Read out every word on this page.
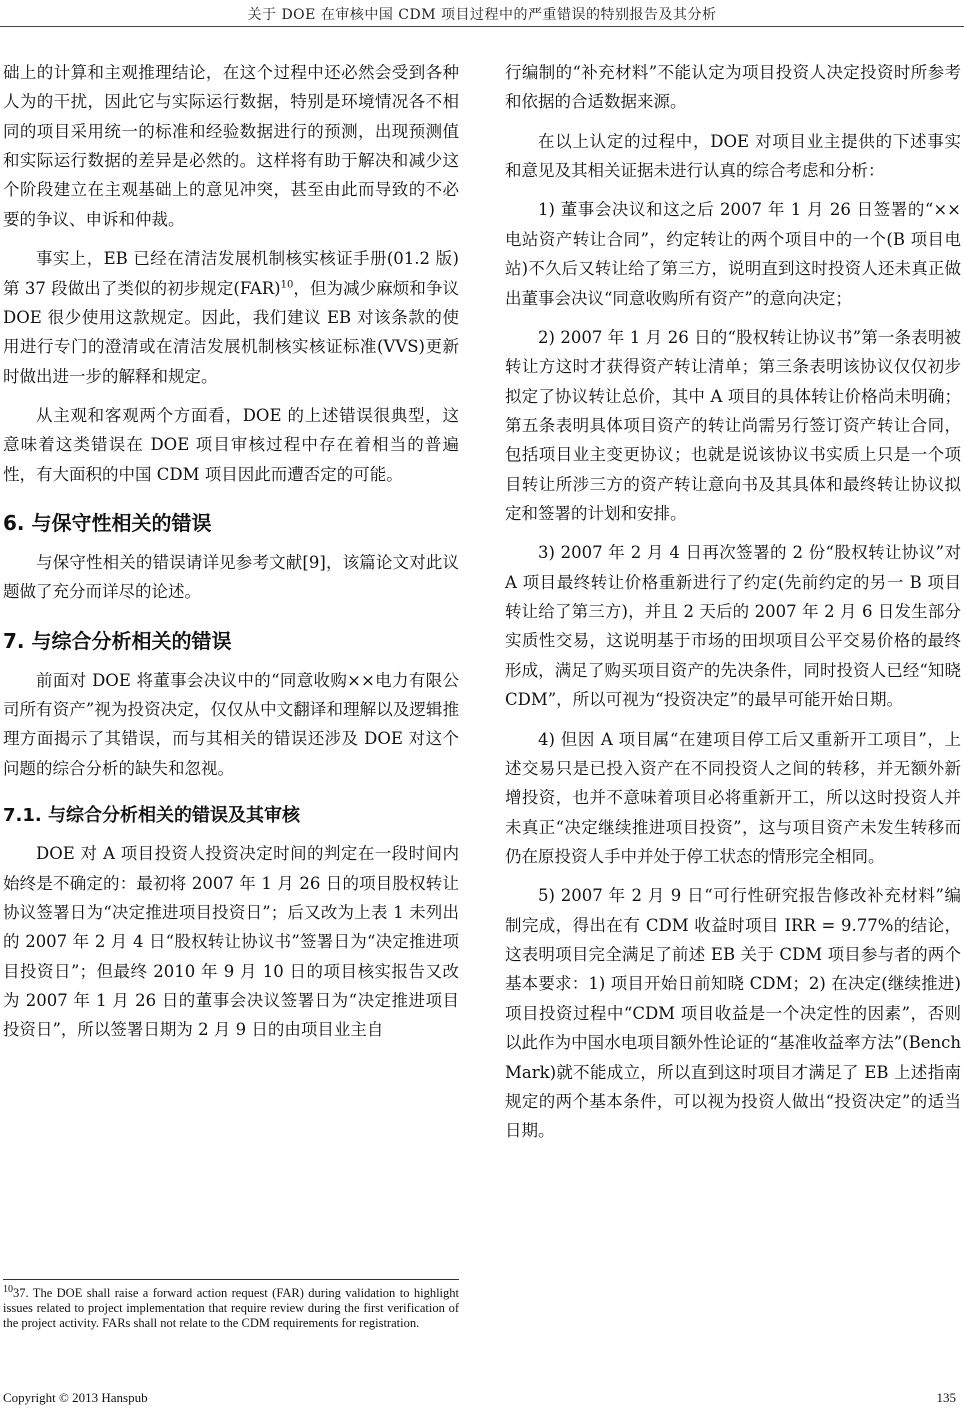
关于 DOE 在审核中国 CDM 项目过程中的严重错误的特别报告及其分析

础上的计算和主观推理结论，在这个过程中还必然会受到各种人为的干扰，因此它与实际运行数据，特别是环境情况各不相同的项目采用统一的标准和经验数据进行的预测，出现预测值和实际运行数据的差异是必然的。这样将有助于解决和减少这个阶段建立在主观基础上的意见冲突，甚至由此而导致的不必要的争议、申诉和仲裁。

事实上，EB 已经在清洁发展机制核实核证手册(01.2 版)第 37 段做出了类似的初步规定(FAR)$^{10}$，但为减少麻烦和争议 DOE 很少使用这款规定。因此，我们建议 EB 对该条款的使用进行专门的澄清或在清洁发展机制核实核证标准(VVS)更新时做出进一步的解释和规定。

从主观和客观两个方面看，DOE 的上述错误很典型，这意味着这类错误在 DOE 项目审核过程中存在着相当的普遍性，有大面积的中国 CDM 项目因此而遭否定的可能。

6. 与保守性相关的错误

与保守性相关的错误请详见参考文献[9]，该篇论文对此议题做了充分而详尽的论述。

7. 与综合分析相关的错误

前面对 DOE 将董事会决议中的“同意收购××电力有限公司所有资产”视为投资决定，仅仅从中文翻译和理解以及逻辑推理方面揭示了其错误，而与其相关的错误还涉及 DOE 对这个问题的综合分析的缺失和忽视。

7.1. 与综合分析相关的错误及其审核

DOE 对 A 项目投资人投资决定时间的判定在一段时间内始终是不确定的：最初将 2007 年 1 月 26 日的项目股权转让协议签署日为“决定推进项目投资日”；后又改为上表 1 未列出的 2007 年 2 月 4 日“股权转让协议书”签署日为“决定推进项目投资日”；但最终 2010 年 9 月 10 日的项目核实报告又改为 2007 年 1 月 26 日的董事会决议签署日为“决定推进项目投资日”，所以签署日期为 2 月 9 日的由项目业主自

行编制的“补充材料”不能认定为项目投资人决定投资时所参考和依据的合适数据来源。

在以上认定的过程中，DOE 对项目业主提供的下述事实和意见及其相关证据未进行认真的综合考虑和分析：

1) 董事会决议和这之后 2007 年 1 月 26 日签署的“××电站资产转让合同”，约定转让的两个项目中的一个(B 项目电站)不久后又转让给了第三方，说明直到这时投资人还未真正做出董事会决议“同意收购所有资产”的意向决定；

2) 2007 年 1 月 26 日的“股权转让协议书”第一条表明被转让方这时才获得资产转让清单；第三条表明该协议仅仅初步拟定了协议转让总价，其中 A 项目的具体转让价格尚未明确；第五条表明具体项目资产的转让尚需另行签订资产转让合同，包括项目业主变更协议；也就是说该协议书实质上只是一个项目转让所涉三方的资产转让意向书及其具体和最终转让协议拟定和签署的计划和安排。

3) 2007 年 2 月 4 日再次签署的 2 份“股权转让协议”对 A 项目最终转让价格重新进行了约定(先前约定的另一 B 项目转让给了第三方)，并且 2 天后的 2007 年 2 月 6 日发生部分实质性交易，这说明基于市场的田坝项目公平交易价格的最终形成，满足了购买项目资产的先决条件，同时投资人已经“知晓 CDM”，所以可视为“投资决定”的最早可能开始日期。

4) 但因 A 项目属“在建项目停工后又重新开工项目”，上述交易只是已投入资产在不同投资人之间的转移，并无额外新增投资，也并不意味着项目必将重新开工，所以这时投资人并未真正“决定继续推进项目投资”，这与项目资产未发生转移而仍在原投资人手中并处于停工状态的情形完全相同。

5) 2007 年 2 月 9 日“可行性研究报告修改补充材料”编制完成，得出在有 CDM 收益时项目 IRR = 9.77%的结论，这表明项目完全满足了前述 EB 关于 CDM 项目参与者的两个基本要求：1) 项目开始日前知晓 CDM；2) 在决定(继续推进)项目投资过程中“CDM 项目收益是一个决定性的因素”，否则以此作为中国水电项目额外性论证的“基准收益率方法”(Bench Mark)就不能成立，所以直到这时项目才满足了 EB 上述指南规定的两个基本条件，可以视为投资人做出“投资决定”的适当日期。

$^{10}$37. The DOE shall raise a forward action request (FAR) during validation to highlight issues related to project implementation that require review during the first verification of the project activity. FARs shall not relate to the CDM requirements for registration.
Copyright © 2013 Hanspub	135
